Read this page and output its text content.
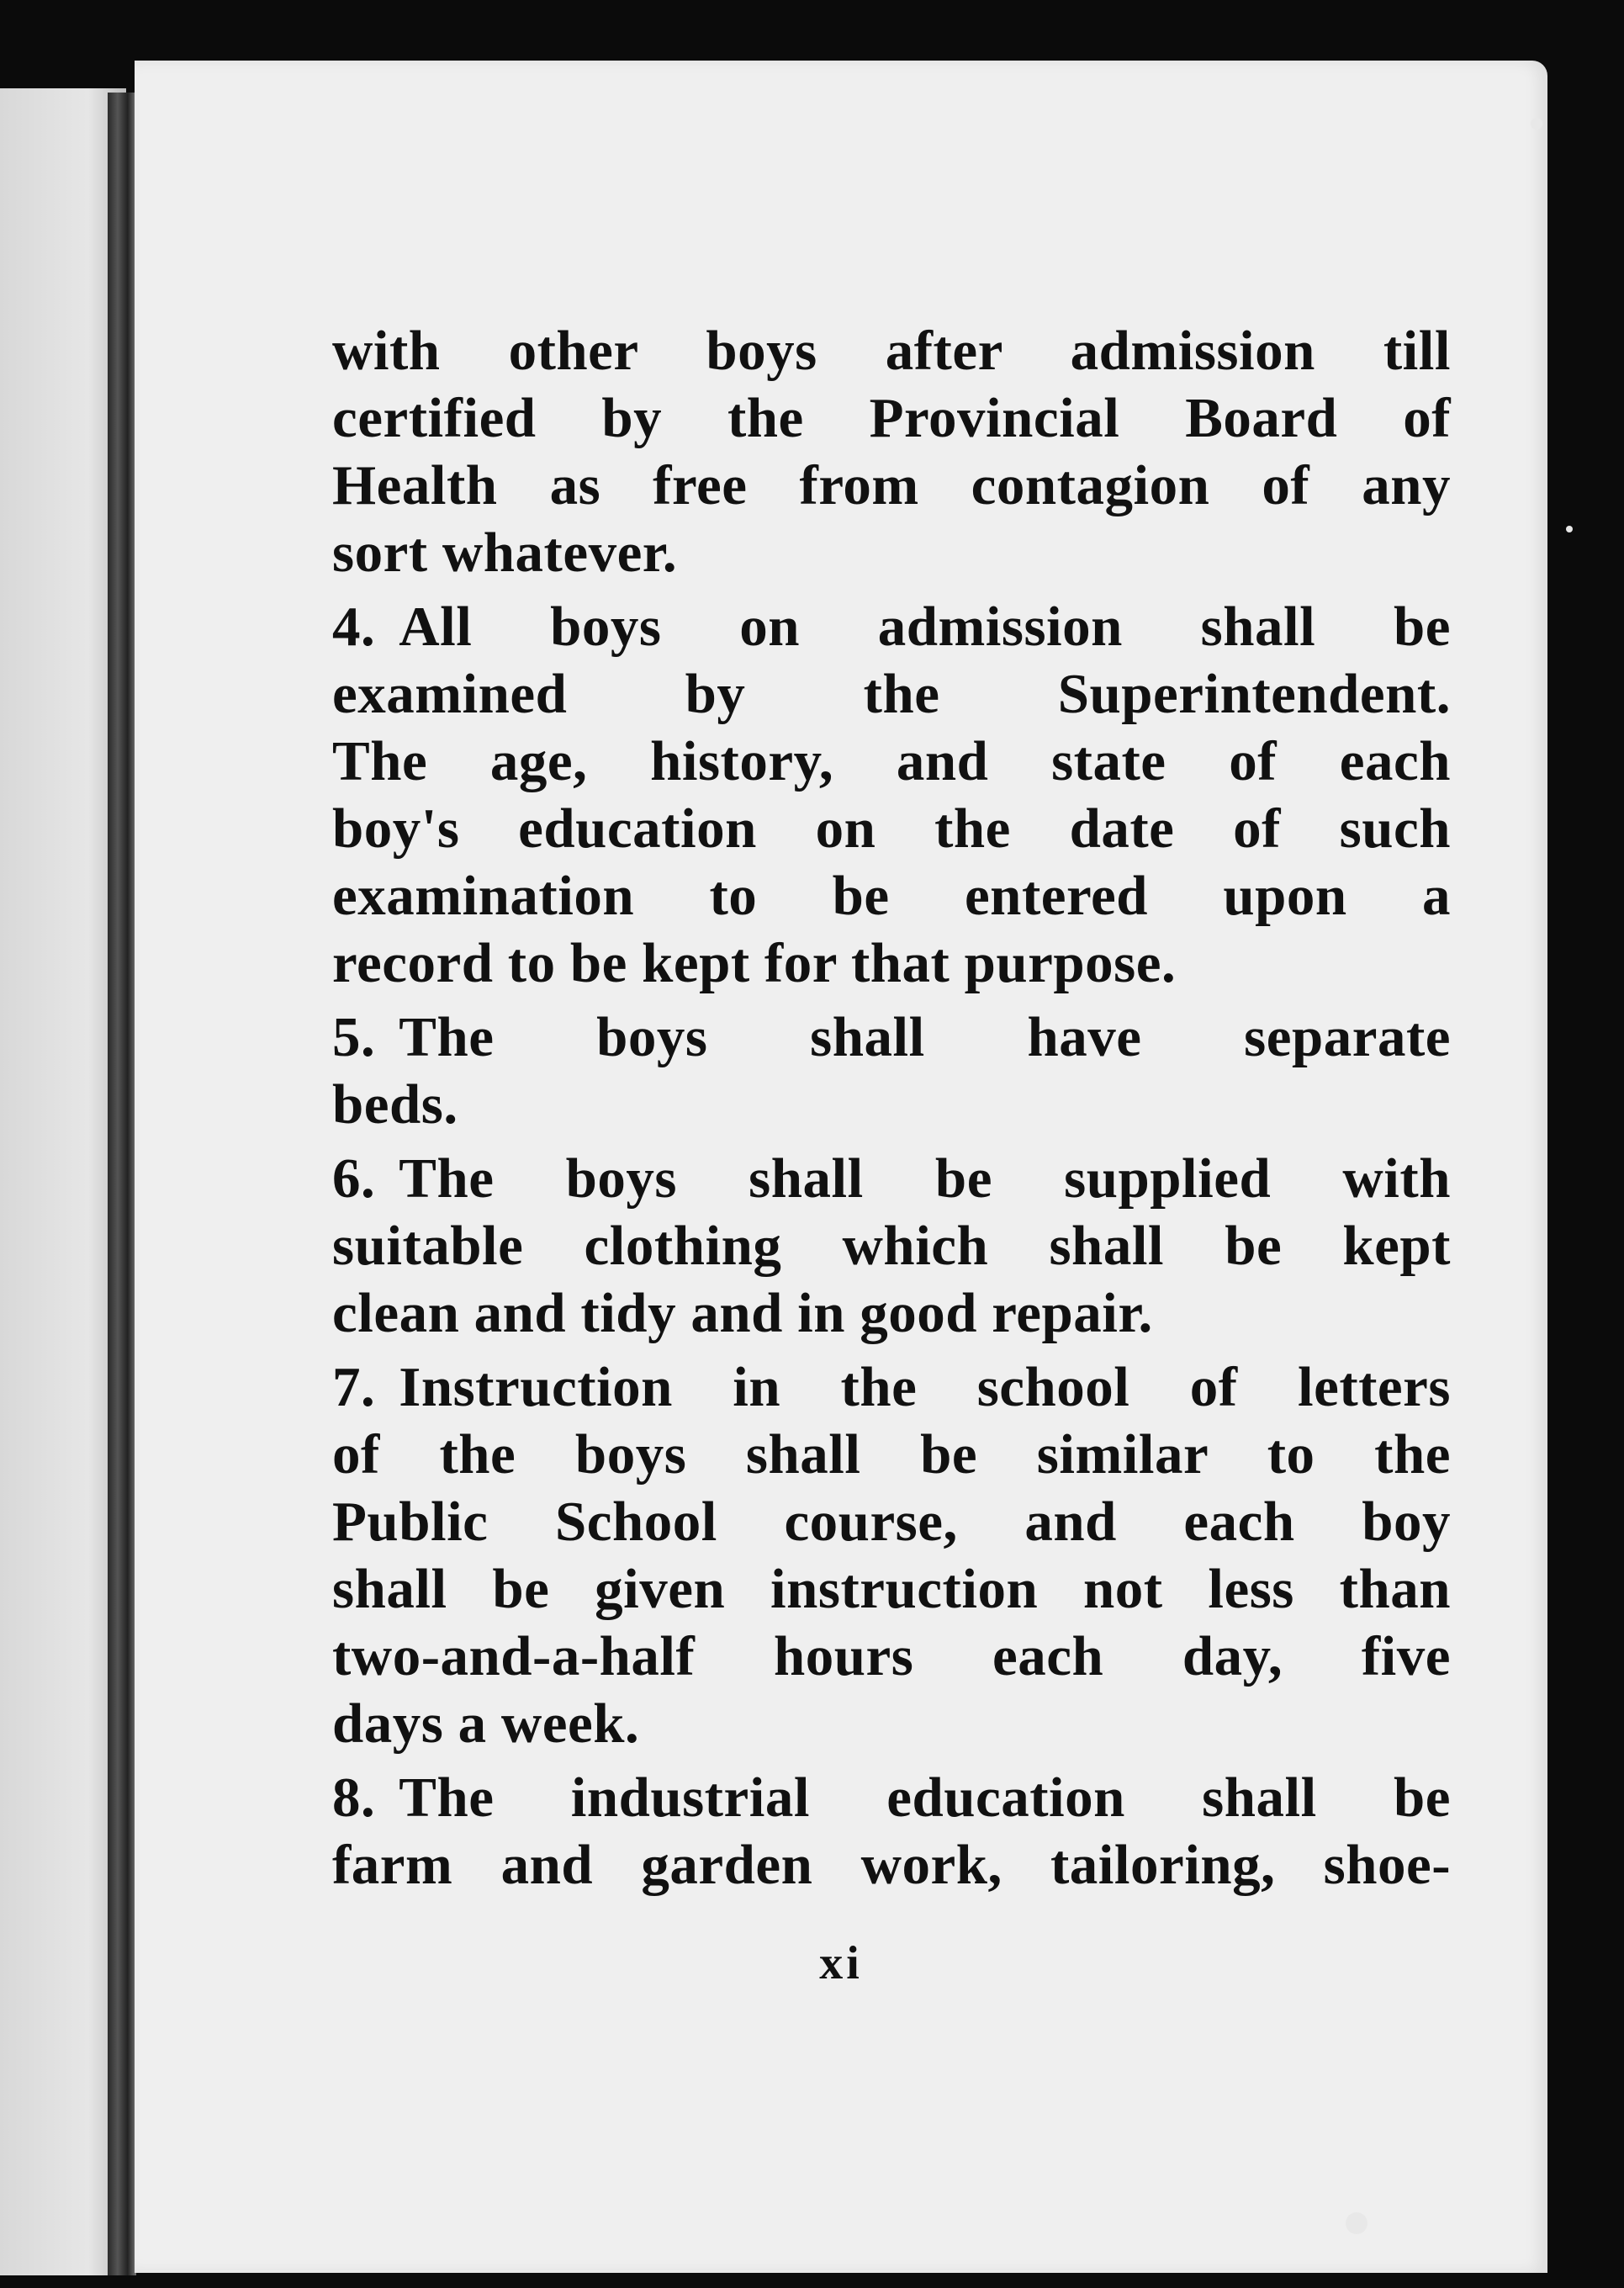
with other boys after admission till
certified by the Provincial Board of
Health as free from contagion of any
sort whatever.
4. All boys on admission shall be
examined by the Superintendent.
The age, history, and state of each
boy's education on the date of such
examination to be entered upon a
record to be kept for that purpose.
5. The boys shall have separate
beds.
6. The boys shall be supplied with
suitable clothing which shall be kept
clean and tidy and in good repair.
7. Instruction in the school of letters
of the boys shall be similar to the
Public School course, and each boy
shall be given instruction not less than
two-and-a-half hours each day, five
days a week.
8. The industrial education shall be
farm and garden work, tailoring, shoe-
xi
